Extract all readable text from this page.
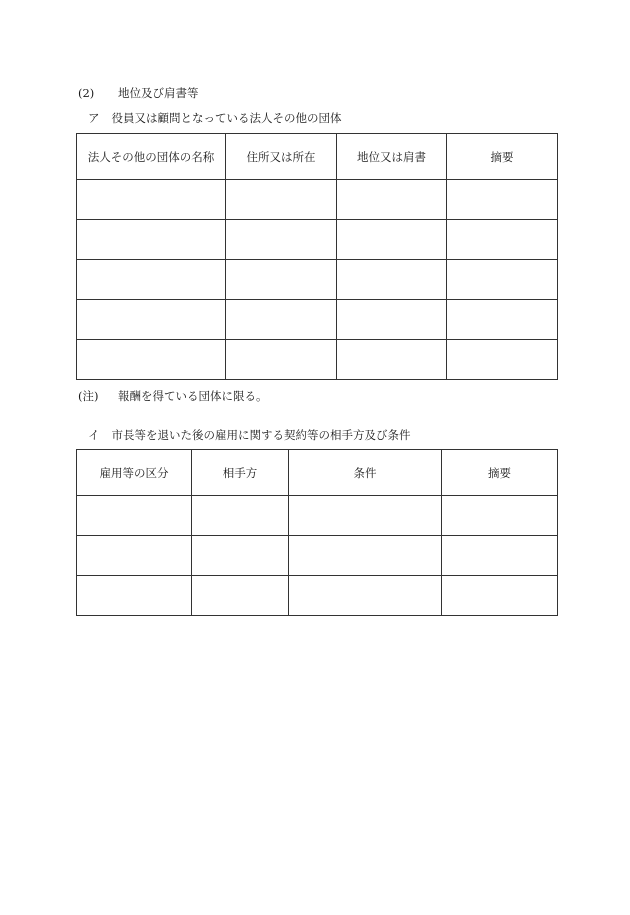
(2) 地位及び肩書等
ア 役員又は顧問となっている法人その他の団体
法人その他の団体の名称	住所又は所在	地位又は肩書	摘要

(注) 報酬を得ている団体に限る。
イ 市長等を退いた後の雇用に関する契約等の相手方及び条件
雇用等の区分	相手方	条件	摘要
